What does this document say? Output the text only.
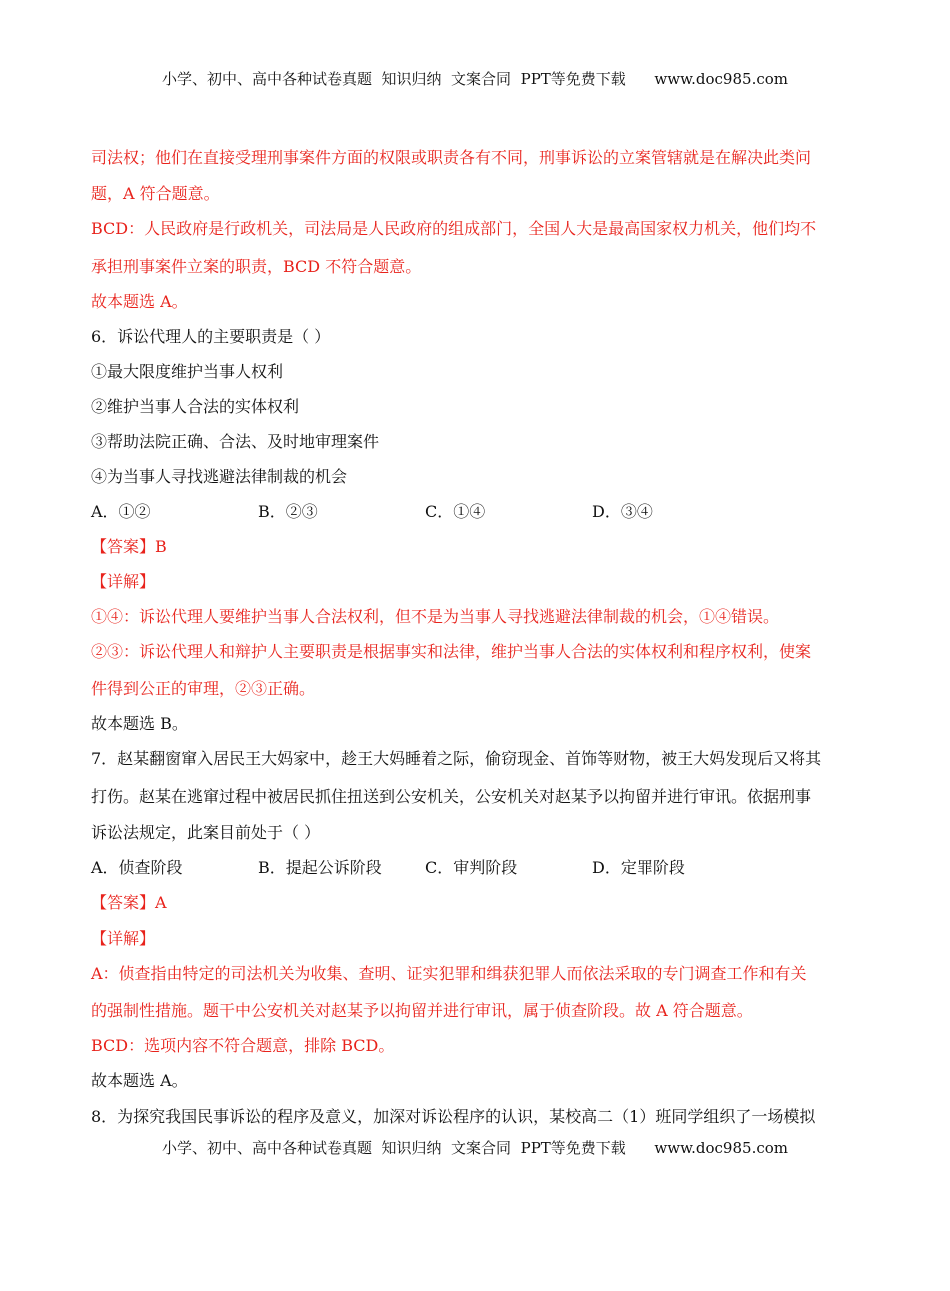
小学、初中、高中各种试卷真题  知识归纳  文案合同  PPT等免费下载      www.doc985.com
司法权；他们在直接受理刑事案件方面的权限或职责各有不同，刑事诉讼的立案管辖就是在解决此类问
题，A 符合题意。
BCD：人民政府是行政机关，司法局是人民政府的组成部门，全国人大是最高国家权力机关，他们均不
承担刑事案件立案的职责，BCD 不符合题意。
故本题选 A。
6．诉讼代理人的主要职责是（ ）
①最大限度维护当事人权利
②维护当事人合法的实体权利
③帮助法院正确、合法、及时地审理案件
④为当事人寻找逃避法律制裁的机会
A．①②	B．②③	C．①④	D．③④
【答案】B
【详解】
①④：诉讼代理人要维护当事人合法权利，但不是为当事人寻找逃避法律制裁的机会，①④错误。
②③：诉讼代理人和辩护人主要职责是根据事实和法律，维护当事人合法的实体权利和程序权利，使案
件得到公正的审理，②③正确。
故本题选 B。
7．赵某翻窗窜入居民王大妈家中，趁王大妈睡着之际，偷窃现金、首饰等财物，被王大妈发现后又将其
打伤。赵某在逃窜过程中被居民抓住扭送到公安机关，公安机关对赵某予以拘留并进行审讯。依据刑事
诉讼法规定，此案目前处于（ ）
A．侦查阶段	B．提起公诉阶段	C．审判阶段	D．定罪阶段
【答案】A
【详解】
A：侦查指由特定的司法机关为收集、查明、证实犯罪和缉获犯罪人而依法采取的专门调查工作和有关
的强制性措施。题干中公安机关对赵某予以拘留并进行审讯，属于侦查阶段。故 A 符合题意。
BCD：选项内容不符合题意，排除 BCD。
故本题选 A。
8．为探究我国民事诉讼的程序及意义，加深对诉讼程序的认识，某校高二（1）班同学组织了一场模拟
小学、初中、高中各种试卷真题  知识归纳  文案合同  PPT等免费下载      www.doc985.com
